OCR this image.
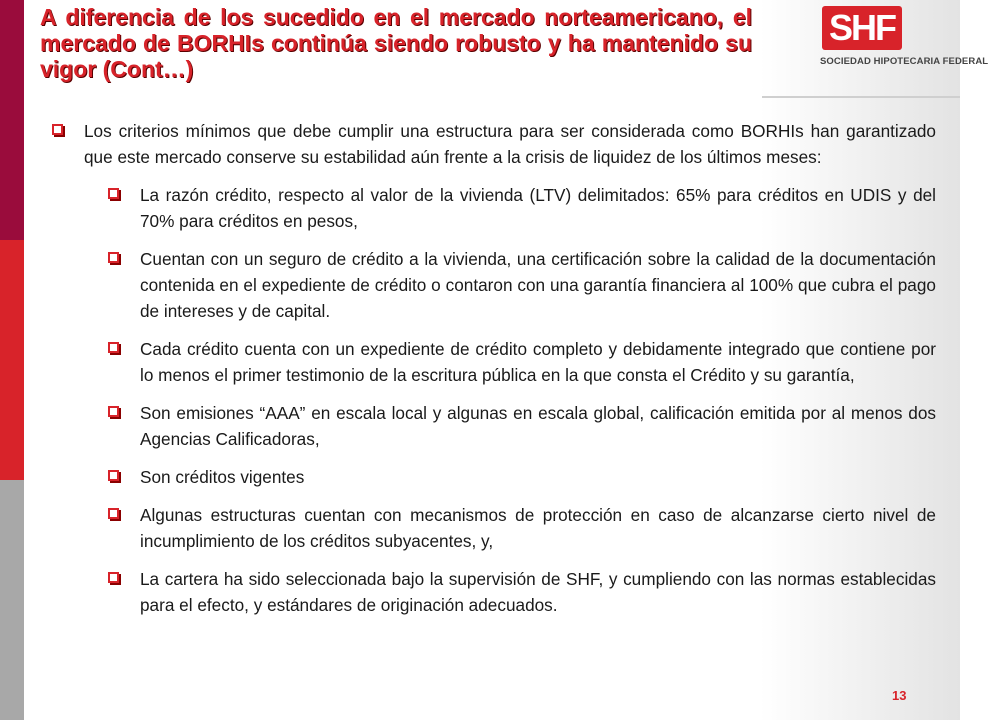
A diferencia de los sucedido en el mercado norteamericano, el mercado de BORHIs continúa siendo robusto y ha mantenido su vigor (Cont…)
SHF
SOCIEDAD HIPOTECARIA FEDERAL
Los criterios mínimos que debe cumplir una estructura para ser considerada como BORHIs han garantizado que este mercado conserve su estabilidad aún frente a la crisis de liquidez de los últimos meses:
La razón crédito, respecto al valor de la vivienda (LTV) delimitados: 65% para créditos en UDIS y del 70% para créditos en pesos,
Cuentan con un seguro de crédito a la vivienda, una certificación sobre la calidad de la documentación contenida en el expediente de crédito o contaron con una garantía financiera al 100% que cubra el pago de intereses y de capital.
Cada crédito cuenta con un expediente de crédito completo y debidamente integrado que contiene por lo menos el primer testimonio de la escritura pública en la que consta el Crédito y su garantía,
Son emisiones “AAA” en escala local y algunas en escala global, calificación emitida por al menos dos Agencias Calificadoras,
Son créditos vigentes
Algunas estructuras cuentan con mecanismos de protección en caso de alcanzarse cierto nivel de incumplimiento de los créditos subyacentes, y,
La cartera ha sido seleccionada bajo la supervisión de SHF, y cumpliendo con las normas establecidas para el efecto, y estándares de originación adecuados.
13
